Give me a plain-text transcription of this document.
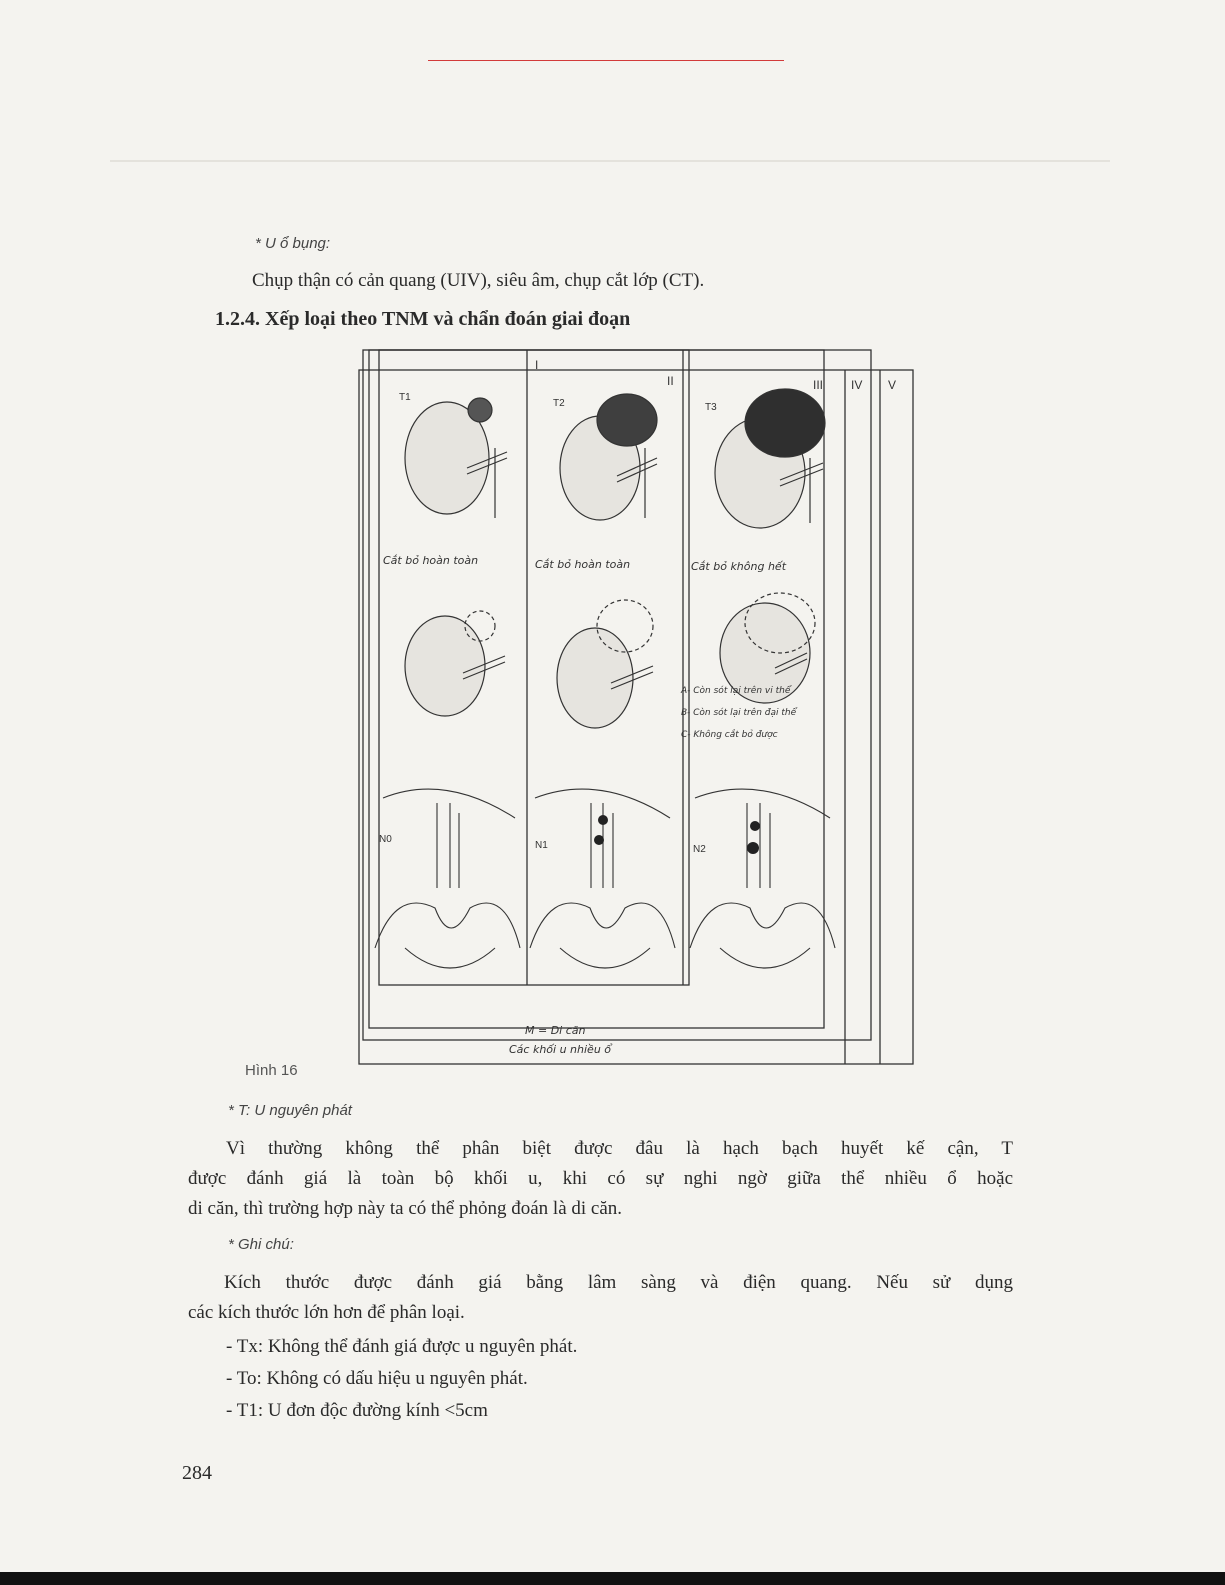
* U ổ bụng:
Chụp thận có cản quang (UIV), siêu âm, chụp cắt lớp (CT).
1.2.4. Xếp loại theo TNM và chẩn đoán giai đoạn
I
II	III IV V
T1
T2	T3
Cắt bỏ hoàn toàn	Cắt bỏ hoàn toàn	Cắt bỏ không hết
A- Còn sót lại trên vi thể
B- Còn sót lại trên đại thể
C- Không cắt bỏ được
N0
N1	N2
M = Di căn
Các khối u nhiều ổ
Hình 16
* T: U nguyên phát
Vì thường không thể phân biệt được đâu là hạch bạch huyết kế cận, T
được đánh giá là toàn bộ khối u, khi có sự nghi ngờ giữa thể nhiều ổ hoặc
di căn, thì trường hợp này ta có thể phỏng đoán là di căn.
* Ghi chú:
Kích thước được đánh giá bằng lâm sàng và điện quang. Nếu sử dụng
các kích thước lớn hơn để phân loại.
- Tx: Không thể đánh giá được u nguyên phát.
- To: Không có dấu hiệu u nguyên phát.
- T1: U đơn độc đường kính <5cm
284
